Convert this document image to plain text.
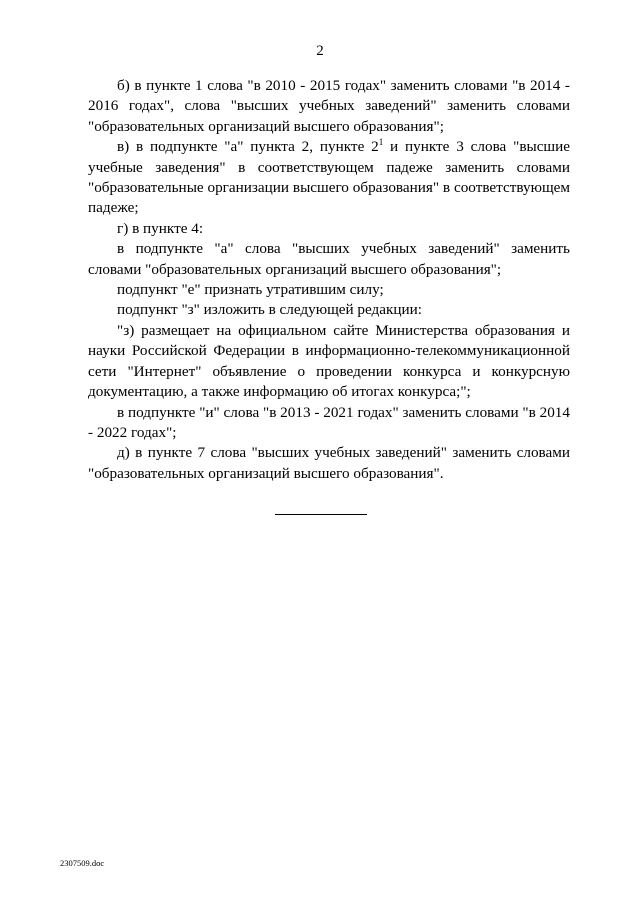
2

б) в пункте 1 слова "в 2010 - 2015 годах" заменить словами "в 2014 - 2016 годах", слова "высших учебных заведений" заменить словами "образовательных организаций высшего образования";

в) в подпункте "а" пункта 2, пункте $2^1$ и пункте 3 слова "высшие учебные заведения" в соответствующем падеже заменить словами "образовательные организации высшего образования" в соответствующем падеже;

г) в пункте 4:

в подпункте "а" слова "высших учебных заведений" заменить словами "образовательных организаций высшего образования";

подпункт "е" признать утратившим силу;

подпункт "з" изложить в следующей редакции:

"з) размещает на официальном сайте Министерства образования и науки Российской Федерации в информационно-телекоммуникационной сети "Интернет" объявление о проведении конкурса и конкурсную документацию, а также информацию об итогах конкурса;";

в подпункте "и" слова "в 2013 - 2021 годах" заменить словами "в 2014 - 2022 годах";

д) в пункте 7 слова "высших учебных заведений" заменить словами "образовательных организаций высшего образования".

2307509.doc
